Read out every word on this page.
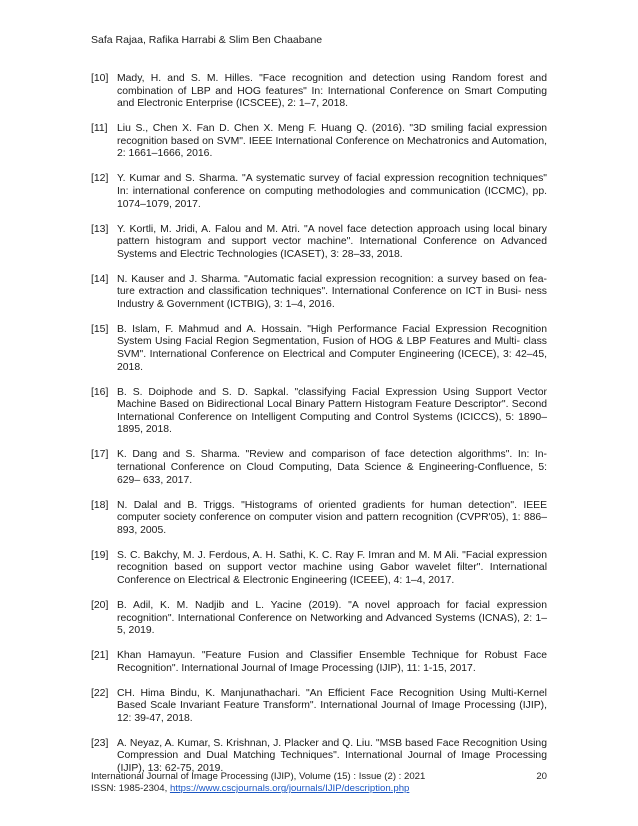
Safa Rajaa, Rafika Harrabi & Slim Ben Chaabane
[10] Mady, H. and S. M. Hilles. "Face recognition and detection using Random forest and combination of LBP and HOG features" In: International Conference on Smart Computing and Electronic Enterprise (ICSCEE), 2: 1–7, 2018.
[11] Liu S., Chen X. Fan D. Chen X. Meng F. Huang Q. (2016). "3D smiling facial expression recognition based on SVM". IEEE International Conference on Mechatronics and Automation, 2: 1661–1666, 2016.
[12] Y. Kumar and S. Sharma. "A systematic survey of facial expression recognition techniques" In: international conference on computing methodologies and communication (ICCMC), pp. 1074–1079, 2017.
[13] Y. Kortli, M. Jridi, A. Falou and M. Atri. "A novel face detection approach using local binary pattern histogram and support vector machine". International Conference on Advanced Systems and Electric Technologies (ICASET), 3: 28–33, 2018.
[14] N. Kauser and J. Sharma. "Automatic facial expression recognition: a survey based on fea- ture extraction and classification techniques". International Conference on ICT in Busi- ness Industry & Government (ICTBIG), 3: 1–4, 2016.
[15] B. Islam, F. Mahmud and A. Hossain. "High Performance Facial Expression Recognition System Using Facial Region Segmentation, Fusion of HOG & LBP Features and Multi- class SVM". International Conference on Electrical and Computer Engineering (ICECE), 3: 42–45, 2018.
[16] B. S. Doiphode and S. D. Sapkal. "classifying Facial Expression Using Support Vector Machine Based on Bidirectional Local Binary Pattern Histogram Feature Descriptor". Second International Conference on Intelligent Computing and Control Systems (ICICCS), 5: 1890–1895, 2018.
[17] K. Dang and S. Sharma. "Review and comparison of face detection algorithms". In: In- ternational Conference on Cloud Computing, Data Science & Engineering-Confluence, 5: 629– 633, 2017.
[18] N. Dalal and B. Triggs. "Histograms of oriented gradients for human detection". IEEE computer society conference on computer vision and pattern recognition (CVPR'05), 1: 886–893, 2005.
[19] S. C. Bakchy, M. J. Ferdous, A. H. Sathi, K. C. Ray F. Imran and M. M Ali. "Facial expression recognition based on support vector machine using Gabor wavelet filter". International Conference on Electrical & Electronic Engineering (ICEEE), 4: 1–4, 2017.
[20] B. Adil, K. M. Nadjib and L. Yacine (2019). "A novel approach for facial expression recognition". International Conference on Networking and Advanced Systems (ICNAS), 2: 1–5, 2019.
[21] Khan Hamayun. "Feature Fusion and Classifier Ensemble Technique for Robust Face Recognition". International Journal of Image Processing (IJIP), 11: 1-15, 2017.
[22] CH. Hima Bindu, K. Manjunathachari. "An Efficient Face Recognition Using Multi-Kernel Based Scale Invariant Feature Transform". International Journal of Image Processing (IJIP), 12: 39-47, 2018.
[23] A. Neyaz, A. Kumar, S. Krishnan, J. Placker and Q. Liu. "MSB based Face Recognition Using Compression and Dual Matching Techniques". International Journal of Image Processing (IJIP), 13: 62-75, 2019.
International Journal of Image Processing (IJIP), Volume (15) : Issue (2) : 2021	20
ISSN: 1985-2304, https://www.cscjournals.org/journals/IJIP/description.php
